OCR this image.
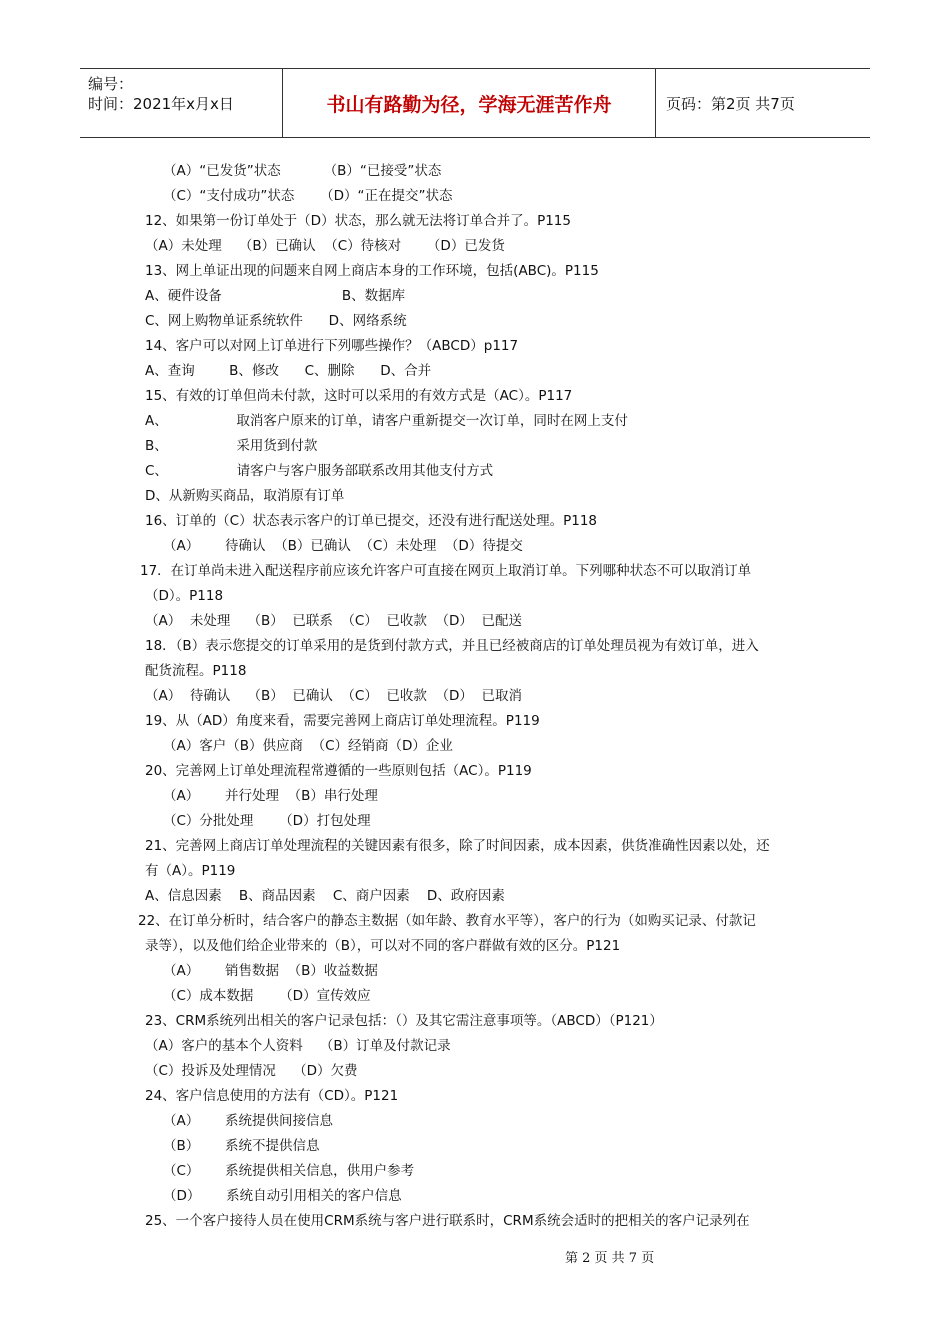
编号：
时间：2021年x月x日	书山有路勤为径，学海无涯苦作舟	页码：第2页 共7页
（A）“已发货”状态          （B）“已接受”状态
（C）“支付成功”状态      （D）“正在提交”状态
12、如果第一份订单处于（D）状态，那么就无法将订单合并了。P115
（A）未处理    （B）已确认  （C）待核对      （D）已发货
13、网上单证出现的问题来自网上商店本身的工作环境，包括(ABC)。P115
A、硬件设备                            B、数据库
C、网上购物单证系统软件      D、网络系统
14、客户可以对网上订单进行下列哪些操作？（ABCD）p117
A、查询        B、修改      C、删除      D、合并
15、有效的订单但尚未付款，这时可以采用的有效方式是（AC）。P117
A、                取消客户原来的订单，请客户重新提交一次订单，同时在网上支付
B、                采用货到付款
C、                请客户与客户服务部联系改用其他支付方式
D、从新购买商品，取消原有订单
16、订单的（C）状态表示客户的订单已提交，还没有进行配送处理。P118
（A）      待确认  （B）已确认  （C）未处理  （D）待提交
17．在订单尚未进入配送程序前应该允许客户可直接在网页上取消订单。下列哪种状态不可以取消订单
（D）。P118
（A）  未处理    （B）  已联系  （C）  已收款  （D）  已配送
18．（B）表示您提交的订单采用的是货到付款方式，并且已经被商店的订单处理员视为有效订单，进入
配货流程。P118
（A）  待确认    （B）  已确认  （C）  已收款  （D）  已取消
19、从（AD）角度来看，需要完善网上商店订单处理流程。P119
（A）客户（B）供应商  （C）经销商（D）企业
20、完善网上订单处理流程常遵循的一些原则包括（AC）。P119
（A）      并行处理  （B）串行处理
（C）分批处理      （D）打包处理
21、完善网上商店订单处理流程的关键因素有很多，除了时间因素，成本因素，供货准确性因素以处，还
有（A）。P119
A、信息因素    B、商品因素    C、商户因素    D、政府因素
22、在订单分析时，结合客户的静态主数据（如年龄、教育水平等），客户的行为（如购买记录、付款记
录等），以及他们给企业带来的（B），可以对不同的客户群做有效的区分。P121
（A）      销售数据  （B）收益数据
（C）成本数据      （D）宣传效应
23、CRM系统列出相关的客户记录包括：（）及其它需注意事项等。（ABCD）（P121）
（A）客户的基本个人资料    （B）订单及付款记录
（C）投诉及处理情况    （D）欠费
24、客户信息使用的方法有（CD）。P121
（A）      系统提供间接信息
（B）      系统不提供信息
（C）      系统提供相关信息，供用户参考
（D）      系统自动引用相关的客户信息
25、一个客户接待人员在使用CRM系统与客户进行联系时，CRM系统会适时的把相关的客户记录列在
第 2 页 共 7 页
